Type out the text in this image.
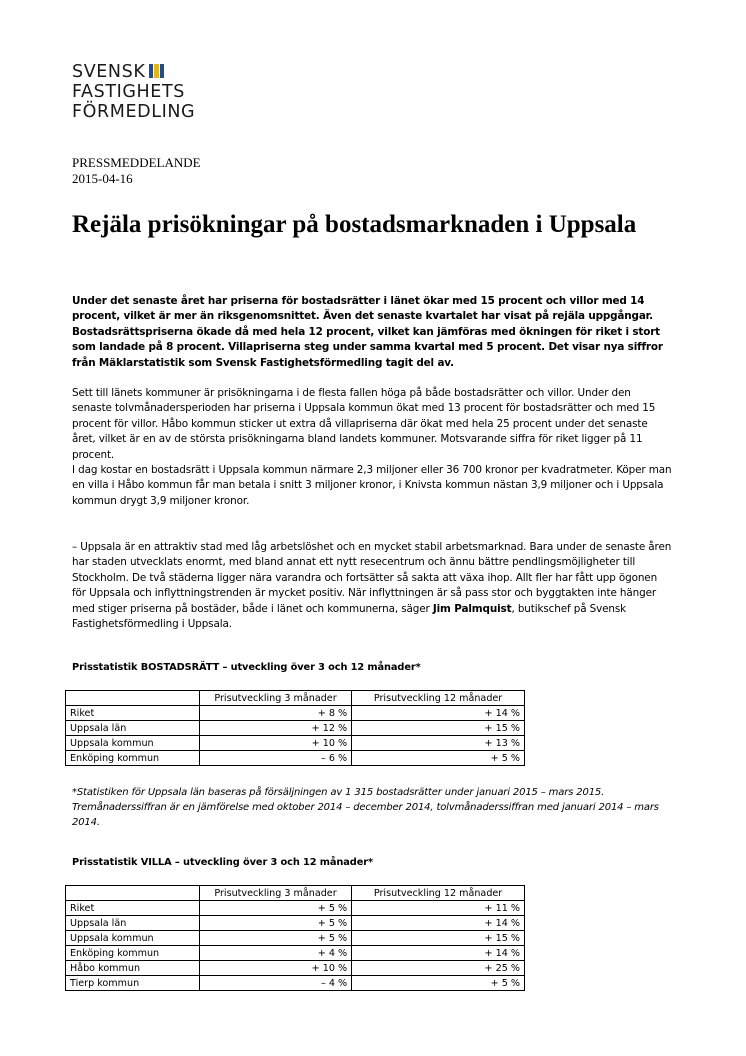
SVENSK
FASTIGHETS
FÖRMEDLING
PRESSMEDDELANDE
2015-04-16
Rejäla prisökningar på bostadsmarknaden i Uppsala

Under det senaste året har priserna för bostadsrätter i länet ökar med 15 procent och villor med 14 procent, vilket är mer än riksgenomsnittet. Även det senaste kvartalet har visat på rejäla uppgångar. Bostadsrättspriserna ökade då med hela 12 procent, vilket kan jämföras med ökningen för riket i stort som landade på 8 procent. Villapriserna steg under samma kvartal med 5 procent. Det visar nya siffror från Mäklarstatistik som Svensk Fastighetsförmedling tagit del av.

Sett till länets kommuner är prisökningarna i de flesta fallen höga på både bostadsrätter och villor. Under den senaste tolvmånadersperioden har priserna i Uppsala kommun ökat med 13 procent för bostadsrätter och med 15 procent för villor. Håbo kommun sticker ut extra då villapriserna där ökat med hela 25 procent under det senaste året, vilket är en av de största prisökningarna bland landets kommuner. Motsvarande siffra för riket ligger på 11 procent.

I dag kostar en bostadsrätt i Uppsala kommun närmare 2,3 miljoner eller 36 700 kronor per kvadratmeter. Köper man en villa i Håbo kommun får man betala i snitt 3 miljoner kronor, i Knivsta kommun nästan 3,9 miljoner och i Uppsala kommun drygt 3,9 miljoner kronor.

– Uppsala är en attraktiv stad med låg arbetslöshet och en mycket stabil arbetsmarknad. Bara under de senaste åren har staden utvecklats enormt, med bland annat ett nytt resecentrum och ännu bättre pendlingsmöjligheter till Stockholm. De två städerna ligger nära varandra och fortsätter så sakta att växa ihop. Allt fler har fått upp ögonen för Uppsala och inflyttningstrenden är mycket positiv. När inflyttningen är så pass stor och byggtakten inte hänger med stiger priserna på bostäder, både i länet och kommunerna, säger Jim Palmquist, butikschef på Svensk Fastighetsförmedling i Uppsala.

Prisstatistik BOSTADSRÄTT – utveckling över 3 och 12 månader*
	Prisutveckling 3 månader	Prisutveckling 12 månader
Riket	+ 8 %	+ 14 %
Uppsala län	+ 12 %	+ 15 %
Uppsala kommun	+ 10 %	+ 13 %
Enköping kommun	– 6 %	+ 5 %
*Statistiken för Uppsala län baseras på försäljningen av 1 315 bostadsrätter under januari 2015 – mars 2015. Tremånaderssiffran är en jämförelse med oktober 2014 – december 2014, tolvmånaderssiffran med januari 2014 – mars 2014.
Prisstatistik VILLA – utveckling över 3 och 12 månader*
	Prisutveckling 3 månader	Prisutveckling 12 månader
Riket	+ 5 %	+ 11 %
Uppsala län	+ 5 %	+ 14 %
Uppsala kommun	+ 5 %	+ 15 %
Enköping kommun	+ 4 %	+ 14 %
Håbo kommun	+ 10 %	+ 25 %
Tierp kommun	– 4 %	+ 5 %
